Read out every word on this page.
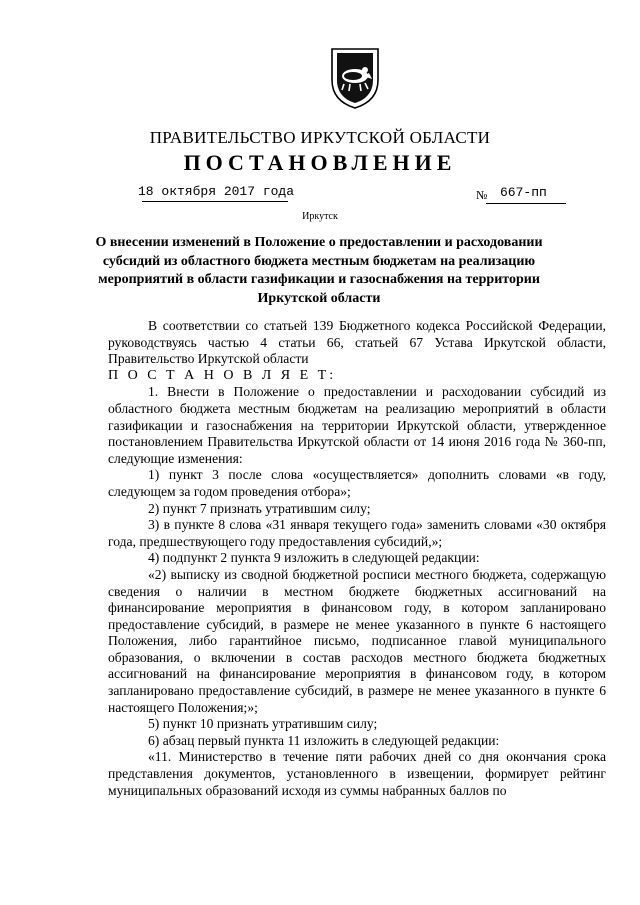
ПРАВИТЕЛЬСТВО ИРКУТСКОЙ ОБЛАСТИ
ПОСТАНОВЛЕНИЕ
18 октября 2017 года	№ 667-пп
Иркутск
О внесении изменений в Положение о предоставлении и расходовании субсидий из областного бюджета местным бюджетам на реализацию мероприятий в области газификации и газоснабжения на территории Иркутской области

В соответствии со статьей 139 Бюджетного кодекса Российской Федерации, руководствуясь частью 4 статьи 66, статьей 67 Устава Иркутской области, Правительство Иркутской области

П О С Т А Н О В Л Я Е Т:

1. Внести в Положение о предоставлении и расходовании субсидий из областного бюджета местным бюджетам на реализацию мероприятий в области газификации и газоснабжения на территории Иркутской области, утвержденное постановлением Правительства Иркутской области от 14 июня 2016 года № 360-пп, следующие изменения:

1) пункт 3 после слова «осуществляется» дополнить словами «в году, следующем за годом проведения отбора»;

2) пункт 7 признать утратившим силу;

3) в пункте 8 слова «31 января текущего года» заменить словами «30 октября года, предшествующего году предоставления субсидий,»;

4) подпункт 2 пункта 9 изложить в следующей редакции:

«2) выписку из сводной бюджетной росписи местного бюджета, содержащую сведения о наличии в местном бюджете бюджетных ассигнований на финансирование мероприятия в финансовом году, в котором запланировано предоставление субсидий, в размере не менее указанного в пункте 6 настоящего Положения, либо гарантийное письмо, подписанное главой муниципального образования, о включении в состав расходов местного бюджета бюджетных ассигнований на финансирование мероприятия в финансовом году, в котором запланировано предоставление субсидий, в размере не менее указанного в пункте 6 настоящего Положения;»;

5) пункт 10 признать утратившим силу;

6) абзац первый пункта 11 изложить в следующей редакции:

«11. Министерство в течение пяти рабочих дней со дня окончания срока представления документов, установленного в извещении, формирует рейтинг муниципальных образований исходя из суммы набранных баллов по
